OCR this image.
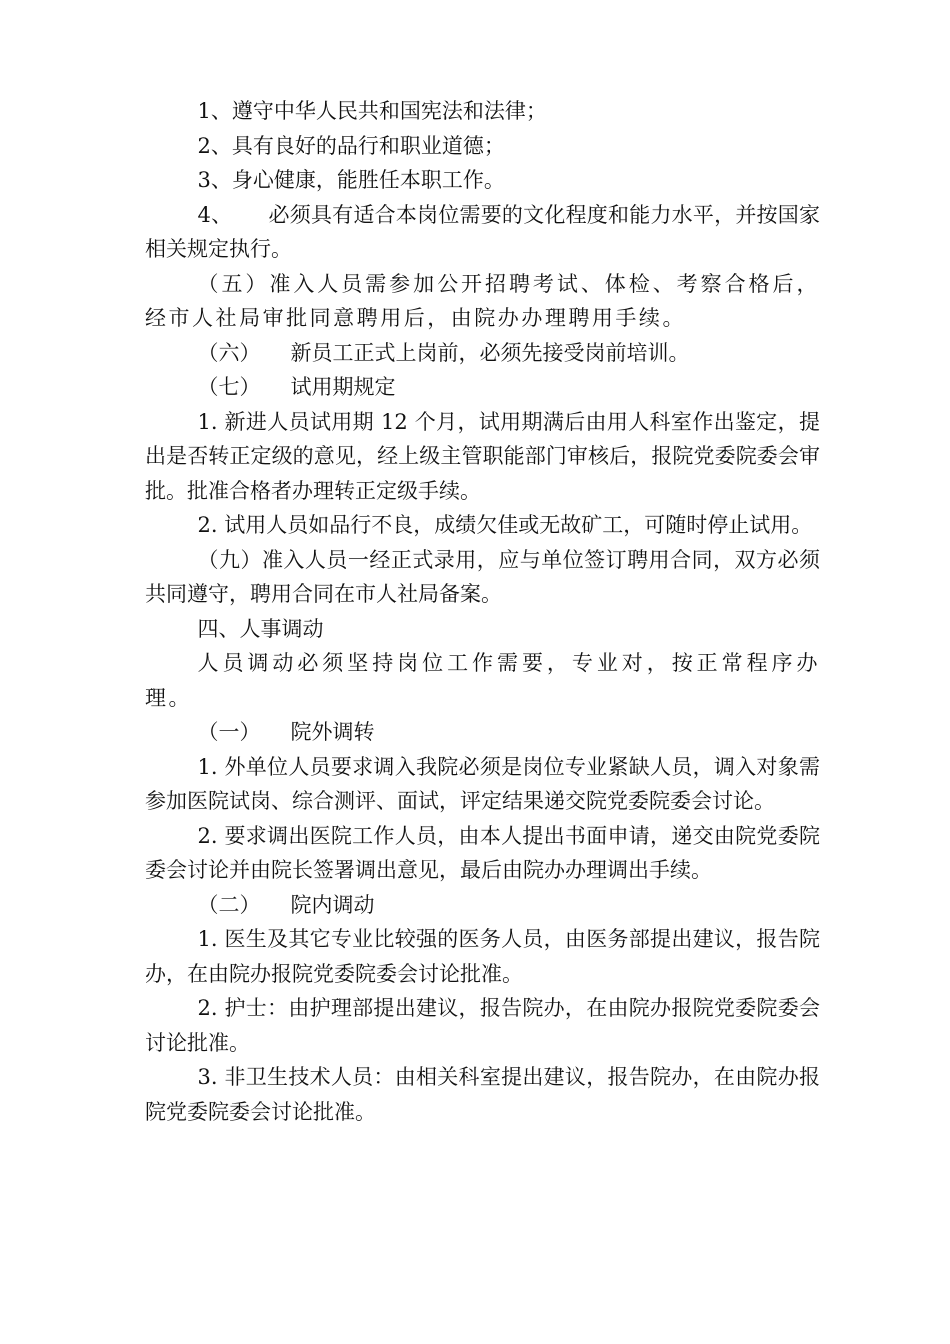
1、遵守中华人民共和国宪法和法律；

2、具有良好的品行和职业道德；

3、身心健康，能胜任本职工作。

4、 必须具有适合本岗位需要的文化程度和能力水平，并按国家相关规定执行。

（五）准入人员需参加公开招聘考试、体检、考察合格后，经市人社局审批同意聘用后，由院办办理聘用手续。

（六） 新员工正式上岗前，必须先接受岗前培训。

（七） 试用期规定

1. 新进人员试用期 12 个月，试用期满后由用人科室作出鉴定，提出是否转正定级的意见，经上级主管职能部门审核后，报院党委院委会审批。批准合格者办理转正定级手续。

2. 试用人员如品行不良，成绩欠佳或无故矿工，可随时停止试用。

（九）准入人员一经正式录用，应与单位签订聘用合同，双方必须共同遵守，聘用合同在市人社局备案。

四、人事调动

人员调动必须坚持岗位工作需要，专业对，按正常程序办理。

（一） 院外调转

1. 外单位人员要求调入我院必须是岗位专业紧缺人员，调入对象需参加医院试岗、综合测评、面试，评定结果递交院党委院委会讨论。

2. 要求调出医院工作人员，由本人提出书面申请，递交由院党委院委会讨论并由院长签署调出意见，最后由院办办理调出手续。

（二） 院内调动

1. 医生及其它专业比较强的医务人员，由医务部提出建议，报告院办，在由院办报院党委院委会讨论批准。

2. 护士：由护理部提出建议，报告院办，在由院办报院党委院委会讨论批准。

3. 非卫生技术人员：由相关科室提出建议，报告院办，在由院办报院党委院委会讨论批准。
